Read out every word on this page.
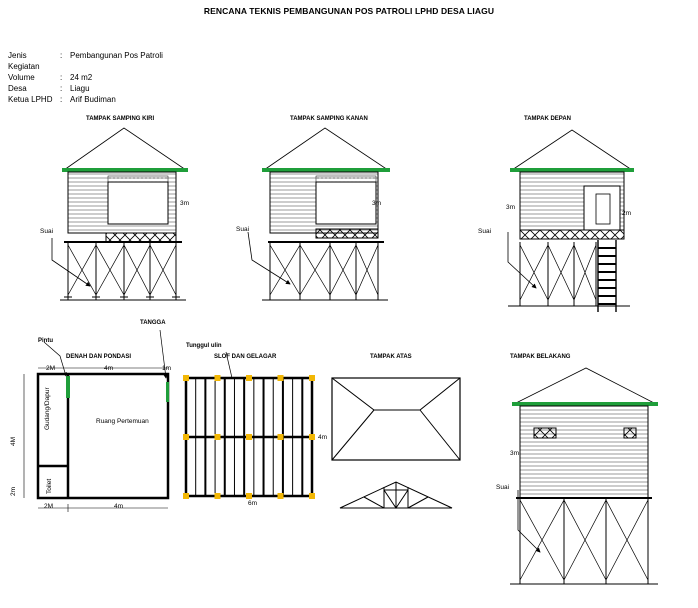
RENCANA TEKNIS PEMBANGUNAN POS PATROLI LPHD DESA LIAGU
Jenis Kegiatan
: Pembangunan Pos Patroli
Volume	: 24 m2
Desa	: Liagu
Ketua LPHD : Arif Budiman
TAMPAK SAMPING KIRI	TAMPAK SAMPING KANAN	TAMPAK DEPAN
DENAH DAN PONDASI	SLOF DAN GELAGAR	TAMPAK ATAS	TAMPAK BELAKANG
Suai
3m
Suai
3m
Suai
3m
2m
Pintu
TANGGA
Tunggul ulin
2M	4m	1m
Ruang Pertemuan
Gudang/Dapur
Toilet
4M
2m
2M	4m	6m
4m
3m
Suai
